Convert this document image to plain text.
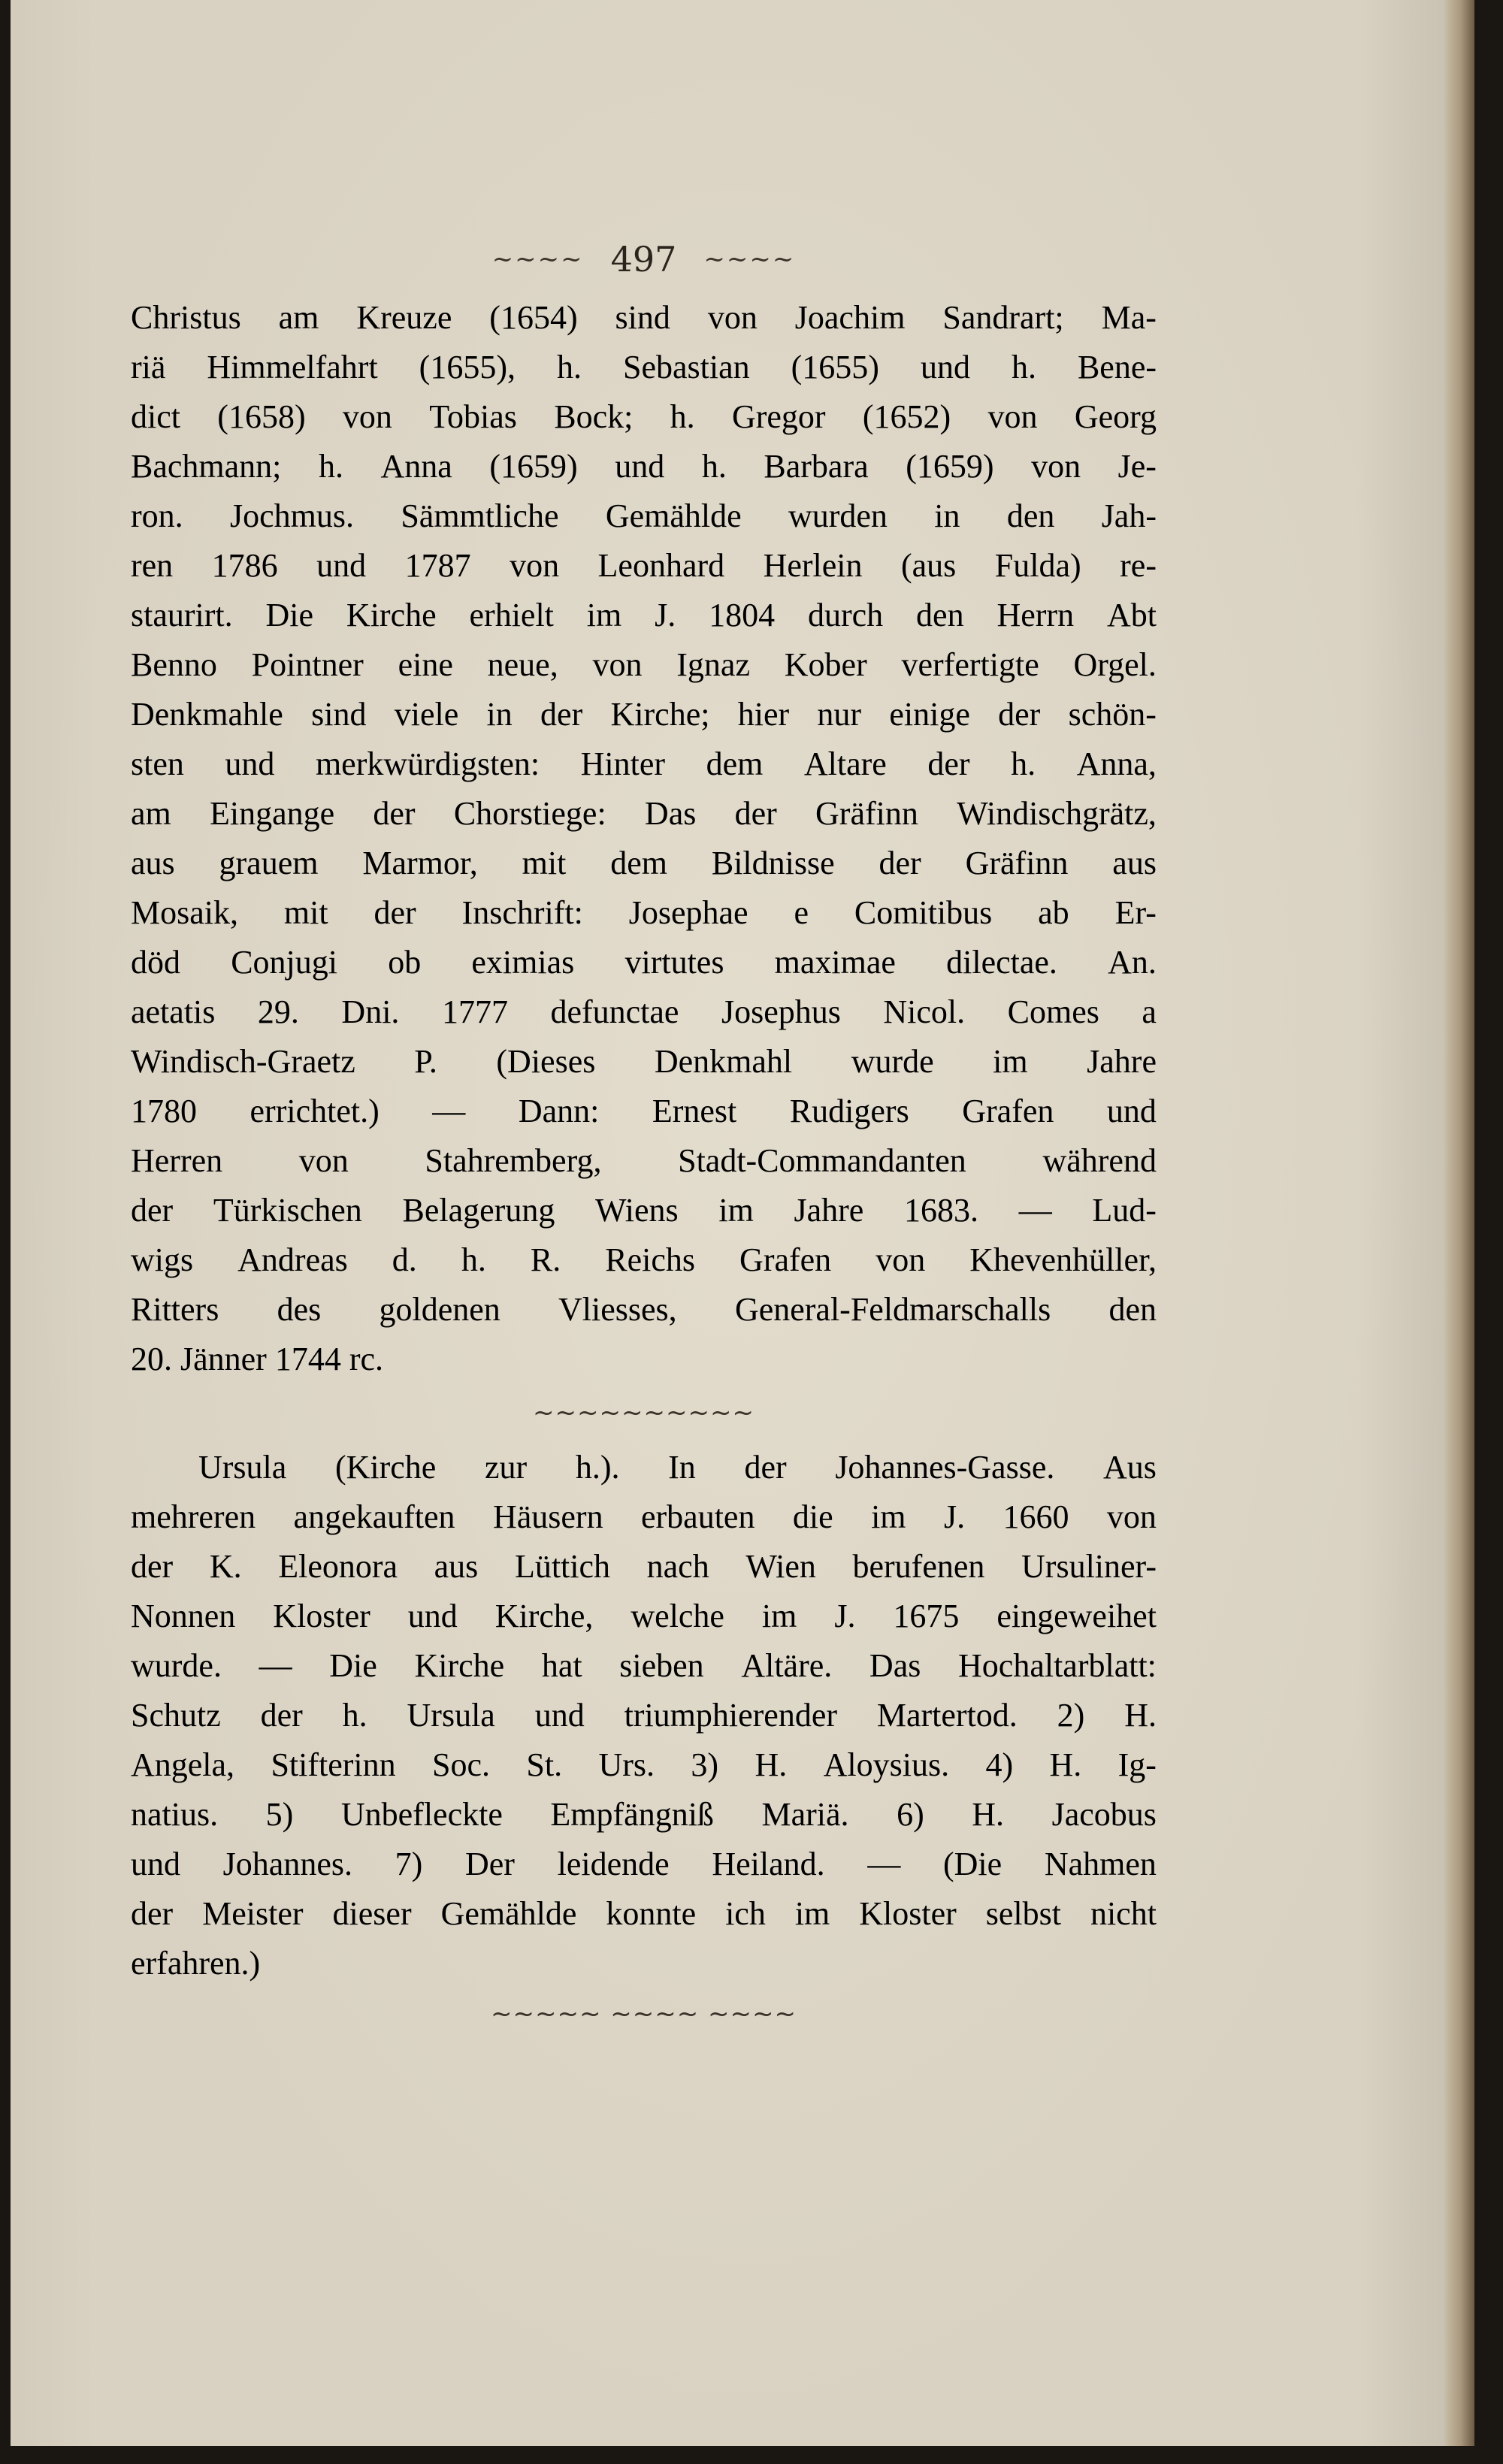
~~~~ 497 ~~~~
Christus am Kreuze (1654) sind von Joachim Sandrart; Ma-
riä Himmelfahrt (1655), h. Sebastian (1655) und h. Bene-
dict (1658) von Tobias Bock; h. Gregor (1652) von Georg
Bachmann; h. Anna (1659) und h. Barbara (1659) von Je-
ron. Jochmus. Sämmtliche Gemählde wurden in den Jah-
ren 1786 und 1787 von Leonhard Herlein (aus Fulda) re-
staurirt. Die Kirche erhielt im J. 1804 durch den Herrn Abt
Benno Pointner eine neue, von Ignaz Kober verfertigte Orgel.
Denkmahle sind viele in der Kirche; hier nur einige der schön-
sten und merkwürdigsten: Hinter dem Altare der h. Anna,
am Eingange der Chorstiege: Das der Gräfinn Windischgrätz,
aus grauem Marmor, mit dem Bildnisse der Gräfinn aus
Mosaik, mit der Inschrift: Josephae e Comitibus ab Er-
död Conjugi ob eximias virtutes maximae dilectae. An.
aetatis 29. Dni. 1777 defunctae Josephus Nicol. Comes a
Windisch-Graetz P. (Dieses Denkmahl wurde im Jahre
1780 errichtet.) — Dann: Ernest Rudigers Grafen und
Herren von Stahremberg, Stadt-Commandanten während
der Türkischen Belagerung Wiens im Jahre 1683. — Lud-
wigs Andreas d. h. R. Reichs Grafen von Khevenhüller,
Ritters des goldenen Vliesses, General-Feldmarschalls den
20. Jänner 1744 rc.
~~~~~~~~~~
Ursula (Kirche zur h.). In der Johannes-Gasse. Aus
mehreren angekauften Häusern erbauten die im J. 1660 von
der K. Eleonora aus Lüttich nach Wien berufenen Ursuliner-
Nonnen Kloster und Kirche, welche im J. 1675 eingeweihet
wurde. — Die Kirche hat sieben Altäre. Das Hochaltarblatt:
Schutz der h. Ursula und triumphierender Martertod. 2) H.
Angela, Stifterinn Soc. St. Urs. 3) H. Aloysius. 4) H. Ig-
natius. 5) Unbefleckte Empfängniß Mariä. 6) H. Jacobus
und Johannes. 7) Der leidende Heiland. — (Die Nahmen
der Meister dieser Gemählde konnte ich im Kloster selbst nicht
erfahren.)
~~~~~ ~~~~ ~~~~
